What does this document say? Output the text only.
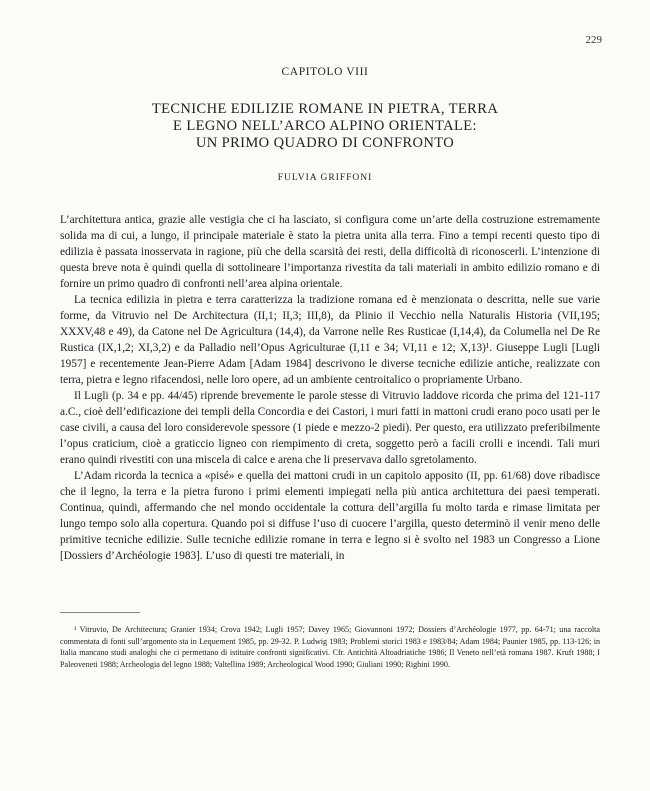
229
CAPITOLO VIII
TECNICHE EDILIZIE ROMANE IN PIETRA, TERRA
E LEGNO NELL’ARCO ALPINO ORIENTALE:
UN PRIMO QUADRO DI CONFRONTO
FULVIA GRIFFONI

L’architettura antica, grazie alle vestigia che ci ha lasciato, si configura come un’arte della costruzione estremamente solida ma di cui, a lungo, il principale materiale è stato la pietra unita alla terra. Fino a tempi recenti questo tipo di edilizia è passata inosservata in ragione, più che della scarsità dei resti, della difficoltà di riconoscerli. L’intenzione di questa breve nota è quindi quella di sottolineare l’importanza rivestita da tali materiali in ambito edilizio romano e di fornire un primo quadro di confronti nell’area alpina orientale.

La tecnica edilizia in pietra e terra caratterizza la tradizione romana ed è menzionata o descritta, nelle sue varie forme, da Vitruvio nel De Architectura (II,1; II,3; III,8), da Plinio il Vecchio nella Naturalis Historia (VII,195; XXXV,48 e 49), da Catone nel De Agricultura (14,4), da Varrone nelle Res Rusticae (I,14,4), da Columella nel De Re Rustica (IX,1,2; XI,3,2) e da Palladio nell’Opus Agriculturae (I,11 e 34; VI,11 e 12; X,13)¹. Giuseppe Lugli [Lugli 1957] e recentemente Jean-Pierre Adam [Adam 1984] descrivono le diverse tecniche edilizie antiche, realizzate con terra, pietra e legno rifacendosi, nelle loro opere, ad un ambiente centroitalico o propriamente Urbano.

Il Lugli (p. 34 e pp. 44/45) riprende brevemente le parole stesse di Vitruvio laddove ricorda che prima del 121-117 a.C., cioè dell’edificazione dei templi della Concordia e dei Castori, i muri fatti in mattoni crudi erano poco usati per le case civili, a causa del loro considerevole spessore (1 piede e mezzo-2 piedi). Per questo, era utilizzato preferibilmente l’opus craticium, cioè a graticcio ligneo con riempimento di creta, soggetto però a facili crolli e incendi. Tali muri erano quindi rivestiti con una miscela di calce e arena che li preservava dallo sgretolamento.

L’Adam ricorda la tecnica a «pisé» e quella dei mattoni crudi in un capitolo apposito (II, pp. 61/68) dove ribadisce che il legno, la terra e la pietra furono i primi elementi impiegati nella più antica architettura dei paesi temperati. Continua, quindi, affermando che nel mondo occidentale la cottura dell’argilla fu molto tarda e rimase limitata per lungo tempo solo alla copertura. Quando poi si diffuse l’uso di cuocere l’argilla, questo determinò il venir meno delle primitive tecniche edilizie. Sulle tecniche edilizie romane in terra e legno si è svolto nel 1983 un Congresso a Lione [Dossiers d’Archéologie 1983]. L’uso di questi tre materiali, in

¹ Vitruvio, De Architectura; Granier 1934; Crova 1942; Lugli 1957; Davey 1965; Giovannoni 1972; Dossiers d’Archéologie 1977, pp. 64-71; una raccolta commentata di fonti sull’argomento sta in Lequement 1985, pp. 29-32. P. Ludwig 1983; Problemi storici 1983 e 1983/84; Adam 1984; Paunier 1985, pp. 113-126; in Italia mancano studi analoghi che ci permettano di istituire confronti significativi. Cfr. Antichità Altoadriatiche 1986; Il Veneto nell’età romana 1987. Kruft 1988; I Paleoveneti 1988; Archeologia del legno 1988; Valtellina 1989; Archeological Wood 1990; Giuliani 1990; Righini 1990.
